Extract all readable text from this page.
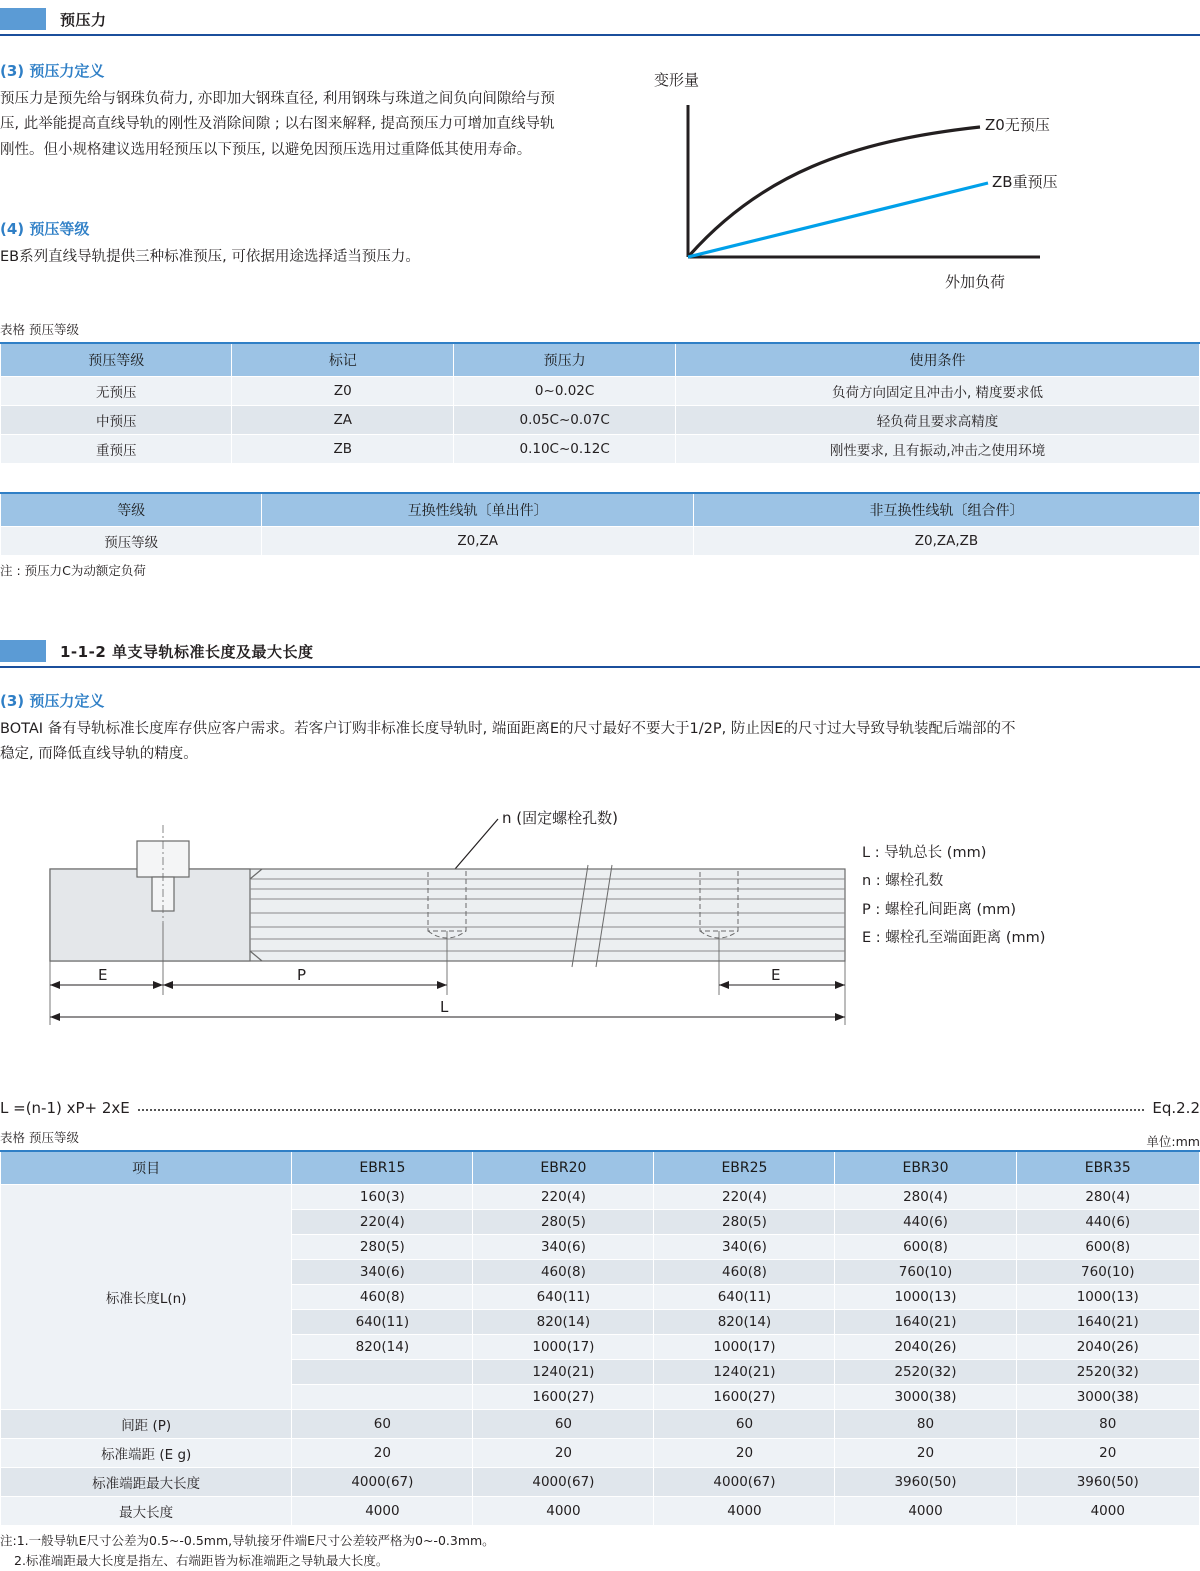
预压力
(3) 预压力定义

预压力是预先给与钢珠负荷力, 亦即加大钢珠直径, 利用钢珠与珠道之间负向间隙给与预压, 此举能提高直线导轨的刚性及消除间隙 ; 以右图来解释, 提高预压力可增加直线导轨刚性。但小规格建议选用轻预压以下预压, 以避免因预压选用过重降低其使用寿命。

(4) 预压等级

EB系列直线导轨提供三种标准预压, 可依据用途选择适当预压力。

Z0无预压
ZB重预压
变形量
外加负荷
表格 预压等级
预压等级	标记	预压力	使用条件
无预压	Z0	0~0.02C	负荷方向固定且冲击小, 精度要求低
中预压	ZA	0.05C~0.07C	轻负荷且要求高精度
重预压	ZB	0.10C~0.12C	刚性要求, 且有振动,冲击之使用环境
等级	互换性线轨〔单出件〕	非互换性线轨〔组合件〕
预压等级	Z0,ZA	Z0,ZA,ZB
注 : 预压力C为动额定负荷
1-1-2 单支导轨标准长度及最大长度
(3) 预压力定义

BOTAI 备有导轨标准长度库存供应客户需求。若客户订购非标准长度导轨时, 端面距离E的尺寸最好不要大于1/2P, 防止因E的尺寸过大导致导轨装配后端部的不稳定, 而降低直线导轨的精度。

n (固定螺栓孔数)
E	P	E
L
L : 导轨总长 (mm)
n : 螺栓孔数
P : 螺栓孔间距离 (mm)
E : 螺栓孔至端面距离 (mm)
L =(n-1) xP+ 2xE	Eq.2.2
表格 预压等级	单位:mm
项目	EBR15	EBR20	EBR25	EBR30	EBR35
标准长度L(n)	160(3)	220(4)	220(4)	280(4)	280(4)
	220(4)	280(5)	280(5)	440(6)	440(6)
	280(5)	340(6)	340(6)	600(8)	600(8)
	340(6)	460(8)	460(8)	760(10)	760(10)
	460(8)	640(11)	640(11)	1000(13)	1000(13)
	640(11)	820(14)	820(14)	1640(21)	1640(21)
	820(14)	1000(17)	1000(17)	2040(26)	2040(26)
		1240(21)	1240(21)	2520(32)	2520(32)
		1600(27)	1600(27)	3000(38)	3000(38)
间距 (P)	60	60	60	80	80
标准端距 (E g)	20	20	20	20	20
标准端距最大长度	4000(67)	4000(67)	4000(67)	3960(50)	3960(50)
最大长度	4000	4000	4000	4000	4000
注:1.一般导轨E尺寸公差为0.5~-0.5mm,导轨接牙件端E尺寸公差较严格为0~-0.3mm。
2.标准端距最大长度是指左、右端距皆为标准端距之导轨最大长度。
